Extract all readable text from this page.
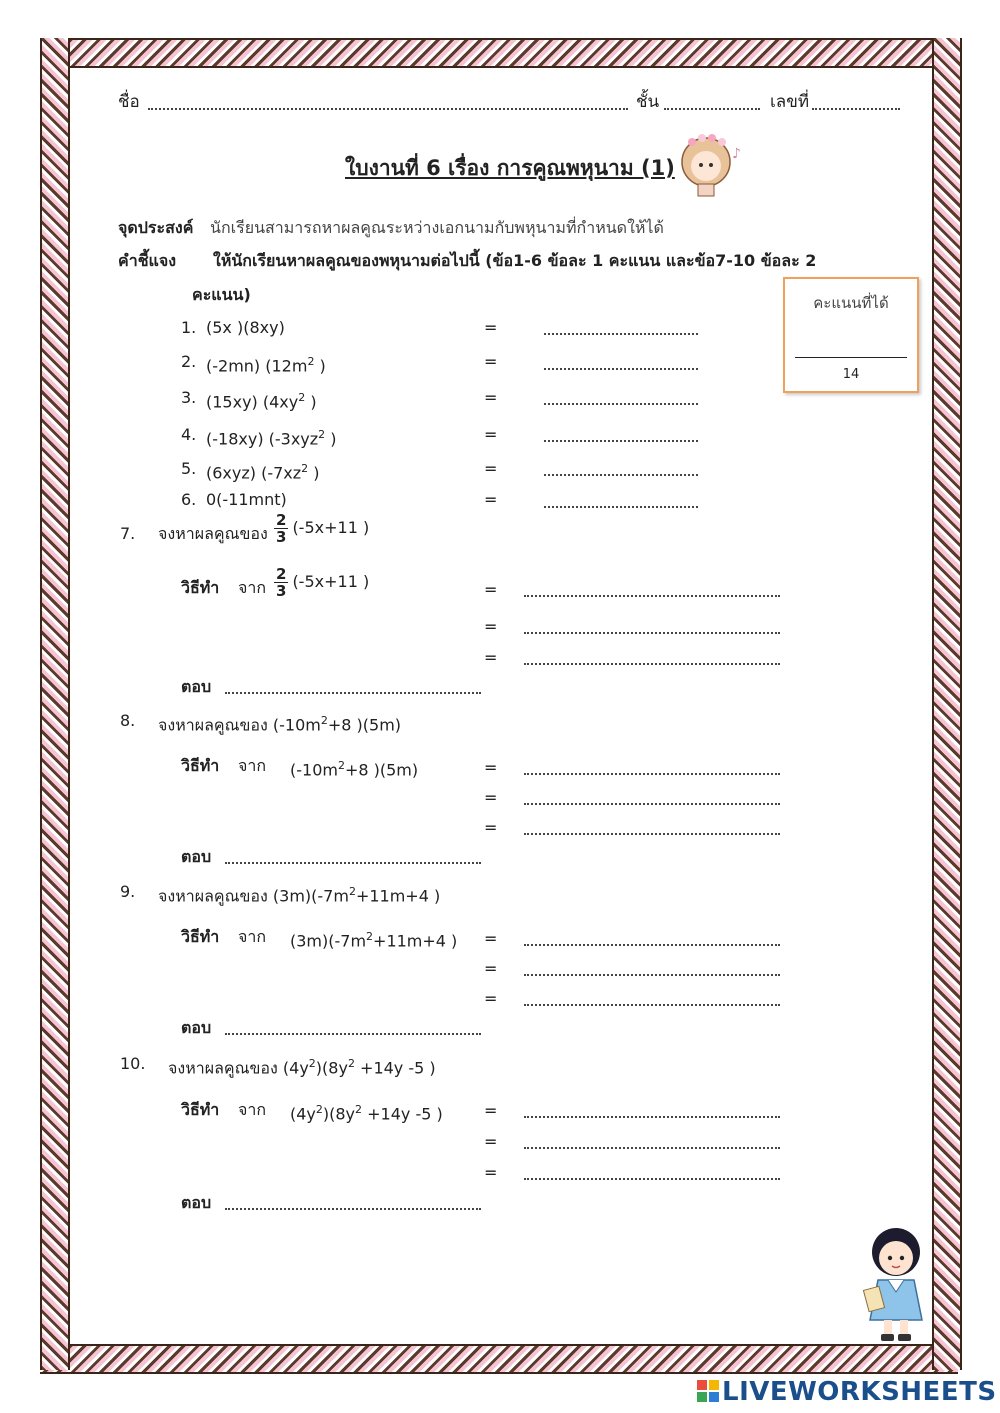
ชื่อ	ชั้น	เลขที่
ใบงานที่ 6 เรื่อง การคูณพหุนาม (1)
♪
จุดประสงค์ นักเรียนสามารถหาผลคูณระหว่างเอกนามกับพหุนามที่กำหนดให้ได้
คำชี้แจง ให้นักเรียนหาผลคูณของพหุนามต่อไปนี้ (ข้อ1-6 ข้อละ 1 คะแนน และข้อ7-10 ข้อละ 2
คะแนน)	คะแนนที่ได้
14
1. (5x )(8xy)	=
2. (-2mn) ($12m^2$ )	=
3. (15xy) ($4xy^2$ )	=
4. (-18xy) (-3xyz$^2$ )	=
5. (6xyz) ($-7xz^2$ )	=
6. 0(-11mnt)	=
7. จงหาผลคูณของ $\frac{2}{3} (-5x+11$ )
วิธีทำ จาก $\frac{2}{3} (-5x+11$ )	=
=
=
ตอบ
8. จงหาผลคูณของ ($-10m^2+8$ )(5m)
วิธีทำ จาก ($-10m^2+8$ )(5m)	=
=
=
ตอบ
9. จงหาผลคูณของ $(3m)(-7m^2+11m+4$ )
วิธีทำ จาก $(3m)(-7m^2+11m+4$ ) =
=
=
ตอบ
10. จงหาผลคูณของ $(4y^2)(8y^2 +14y$ -5 )
วิธีทำ จาก $(4y^2)(8y^2 +14y$ -5 )	=
=
=
ตอบ
LIVEWORKSHEETS
